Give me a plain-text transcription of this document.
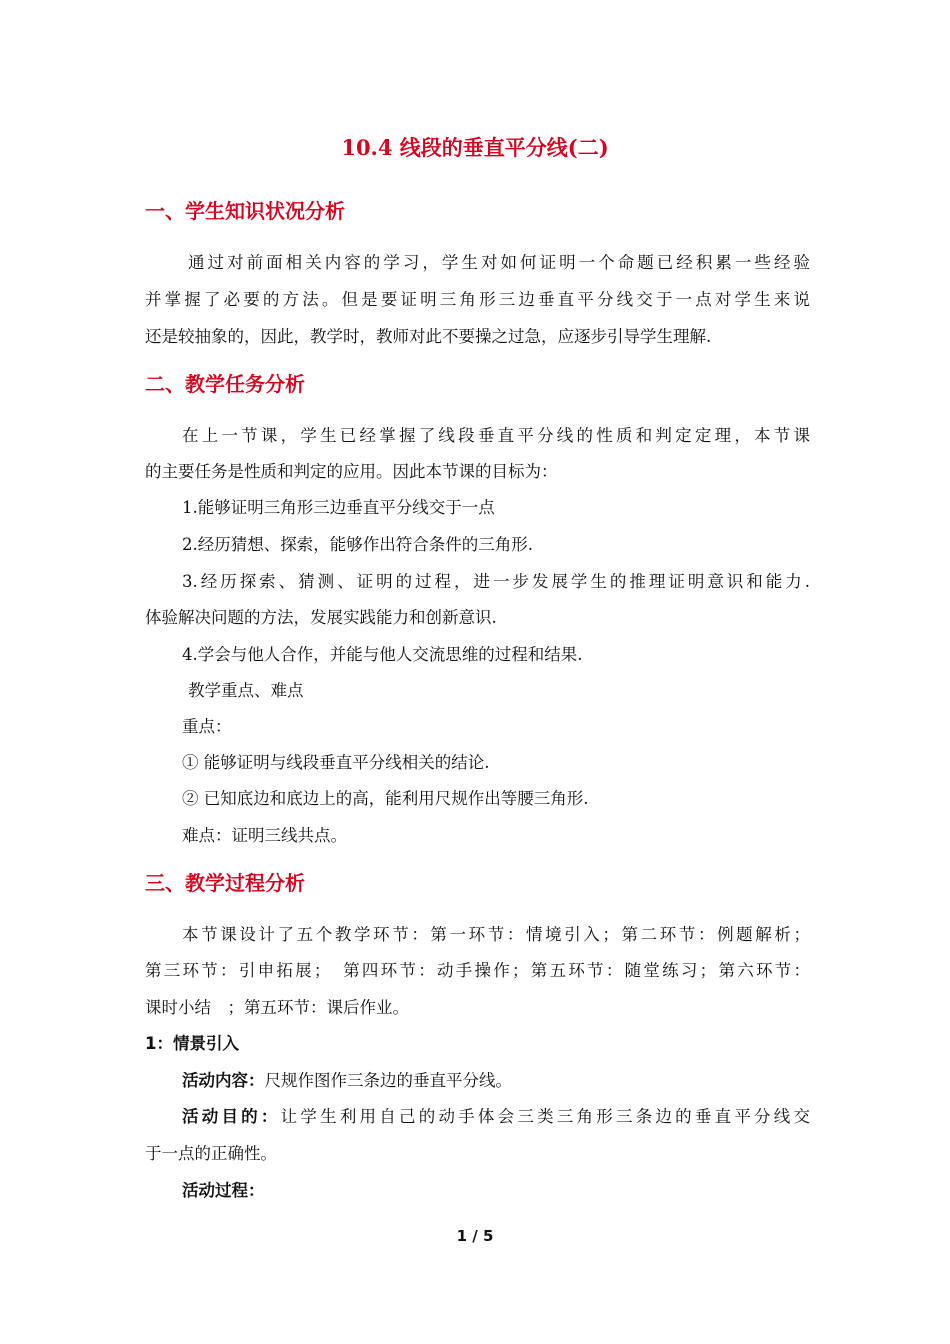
10.4 线段的垂直平分线(二)
一、学生知识状况分析
通过对前面相关内容的学习，学生对如何证明一个命题已经积累一些经验
并掌握了必要的方法。但是要证明三角形三边垂直平分线交于一点对学生来说
还是较抽象的，因此，教学时，教师对此不要操之过急，应逐步引导学生理解.
二、教学任务分析
在上一节课，学生已经掌握了线段垂直平分线的性质和判定定理，本节课
的主要任务是性质和判定的应用。因此本节课的目标为：
1.能够证明三角形三边垂直平分线交于一点
2.经历猜想、探索，能够作出符合条件的三角形.
3.经历探索、猜测、证明的过程，进一步发展学生的推理证明意识和能力.
体验解决问题的方法，发展实践能力和创新意识.
4.学会与他人合作，并能与他人交流思维的过程和结果.
教学重点、难点
重点：
① 能够证明与线段垂直平分线相关的结论.
② 已知底边和底边上的高，能利用尺规作出等腰三角形.
难点：证明三线共点。
三、教学过程分析
本节课设计了五个教学环节：第一环节：情境引入；第二环节：例题解析；
第三环节：引申拓展；　第四环节：动手操作；第五环节：随堂练习；第六环节：
课时小结　；第五环节：课后作业。
1：情景引入
活动内容：尺规作图作三条边的垂直平分线。
活动目的：让学生利用自己的动手体会三类三角形三条边的垂直平分线交
于一点的正确性。
活动过程：
1 / 5
